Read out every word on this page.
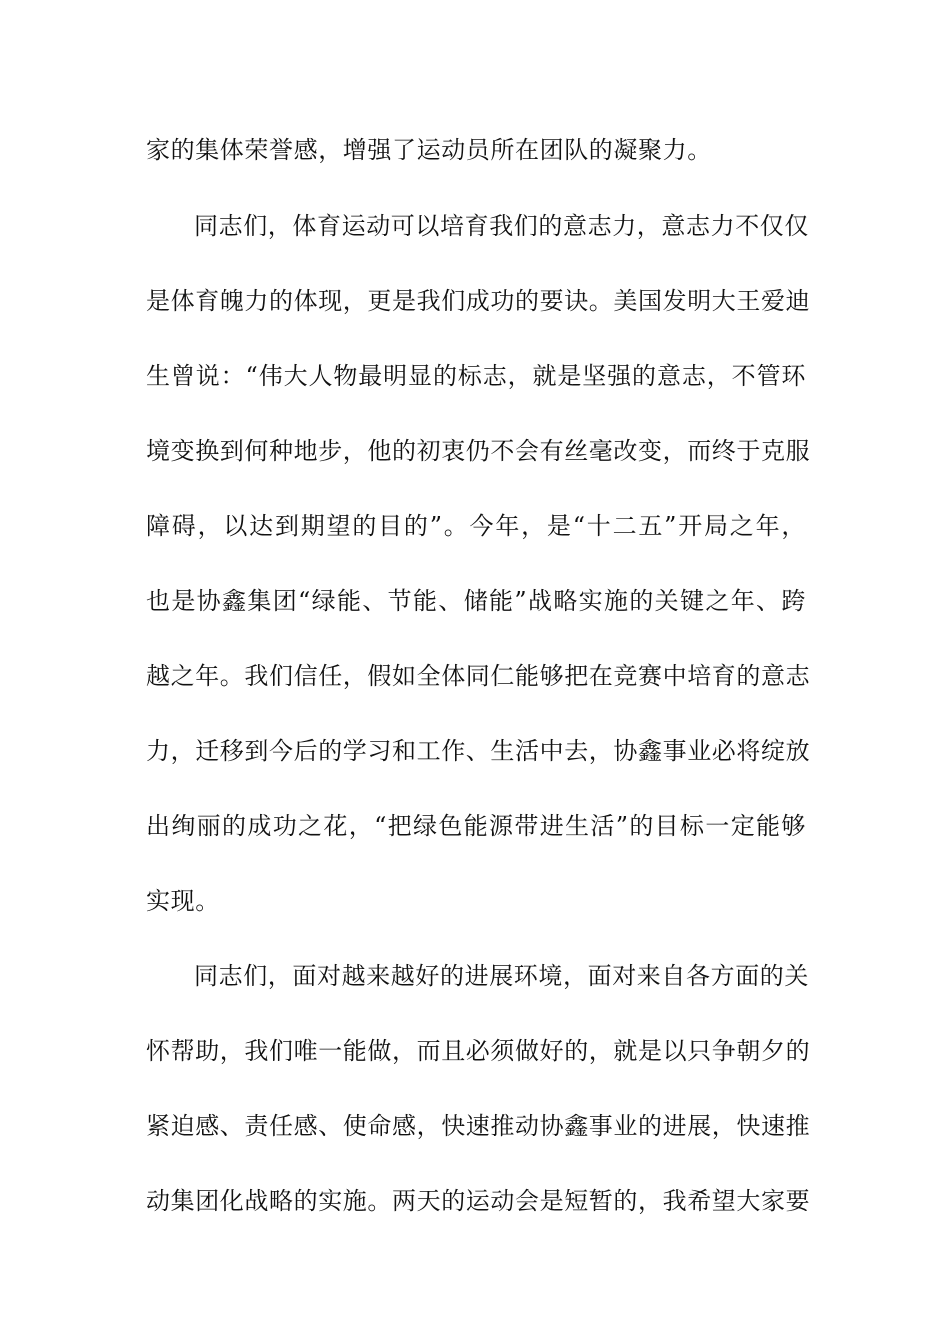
家的集体荣誉感，增强了运动员所在团队的凝聚力。
同志们，体育运动可以培育我们的意志力，意志力不仅仅
是体育魄力的体现，更是我们成功的要诀。美国发明大王爱迪
生曾说：“伟大人物最明显的标志，就是坚强的意志，不管环
境变换到何种地步，他的初衷仍不会有丝毫改变，而终于克服
障碍，以达到期望的目的”。今年，是“十二五”开局之年，
也是协鑫集团“绿能、节能、储能”战略实施的关键之年、跨
越之年。我们信任，假如全体同仁能够把在竞赛中培育的意志
力，迁移到今后的学习和工作、生活中去，协鑫事业必将绽放
出绚丽的成功之花，“把绿色能源带进生活”的目标一定能够
实现。
同志们，面对越来越好的进展环境，面对来自各方面的关
怀帮助，我们唯一能做，而且必须做好的，就是以只争朝夕的
紧迫感、责任感、使命感，快速推动协鑫事业的进展，快速推
动集团化战略的实施。两天的运动会是短暂的，我希望大家要
